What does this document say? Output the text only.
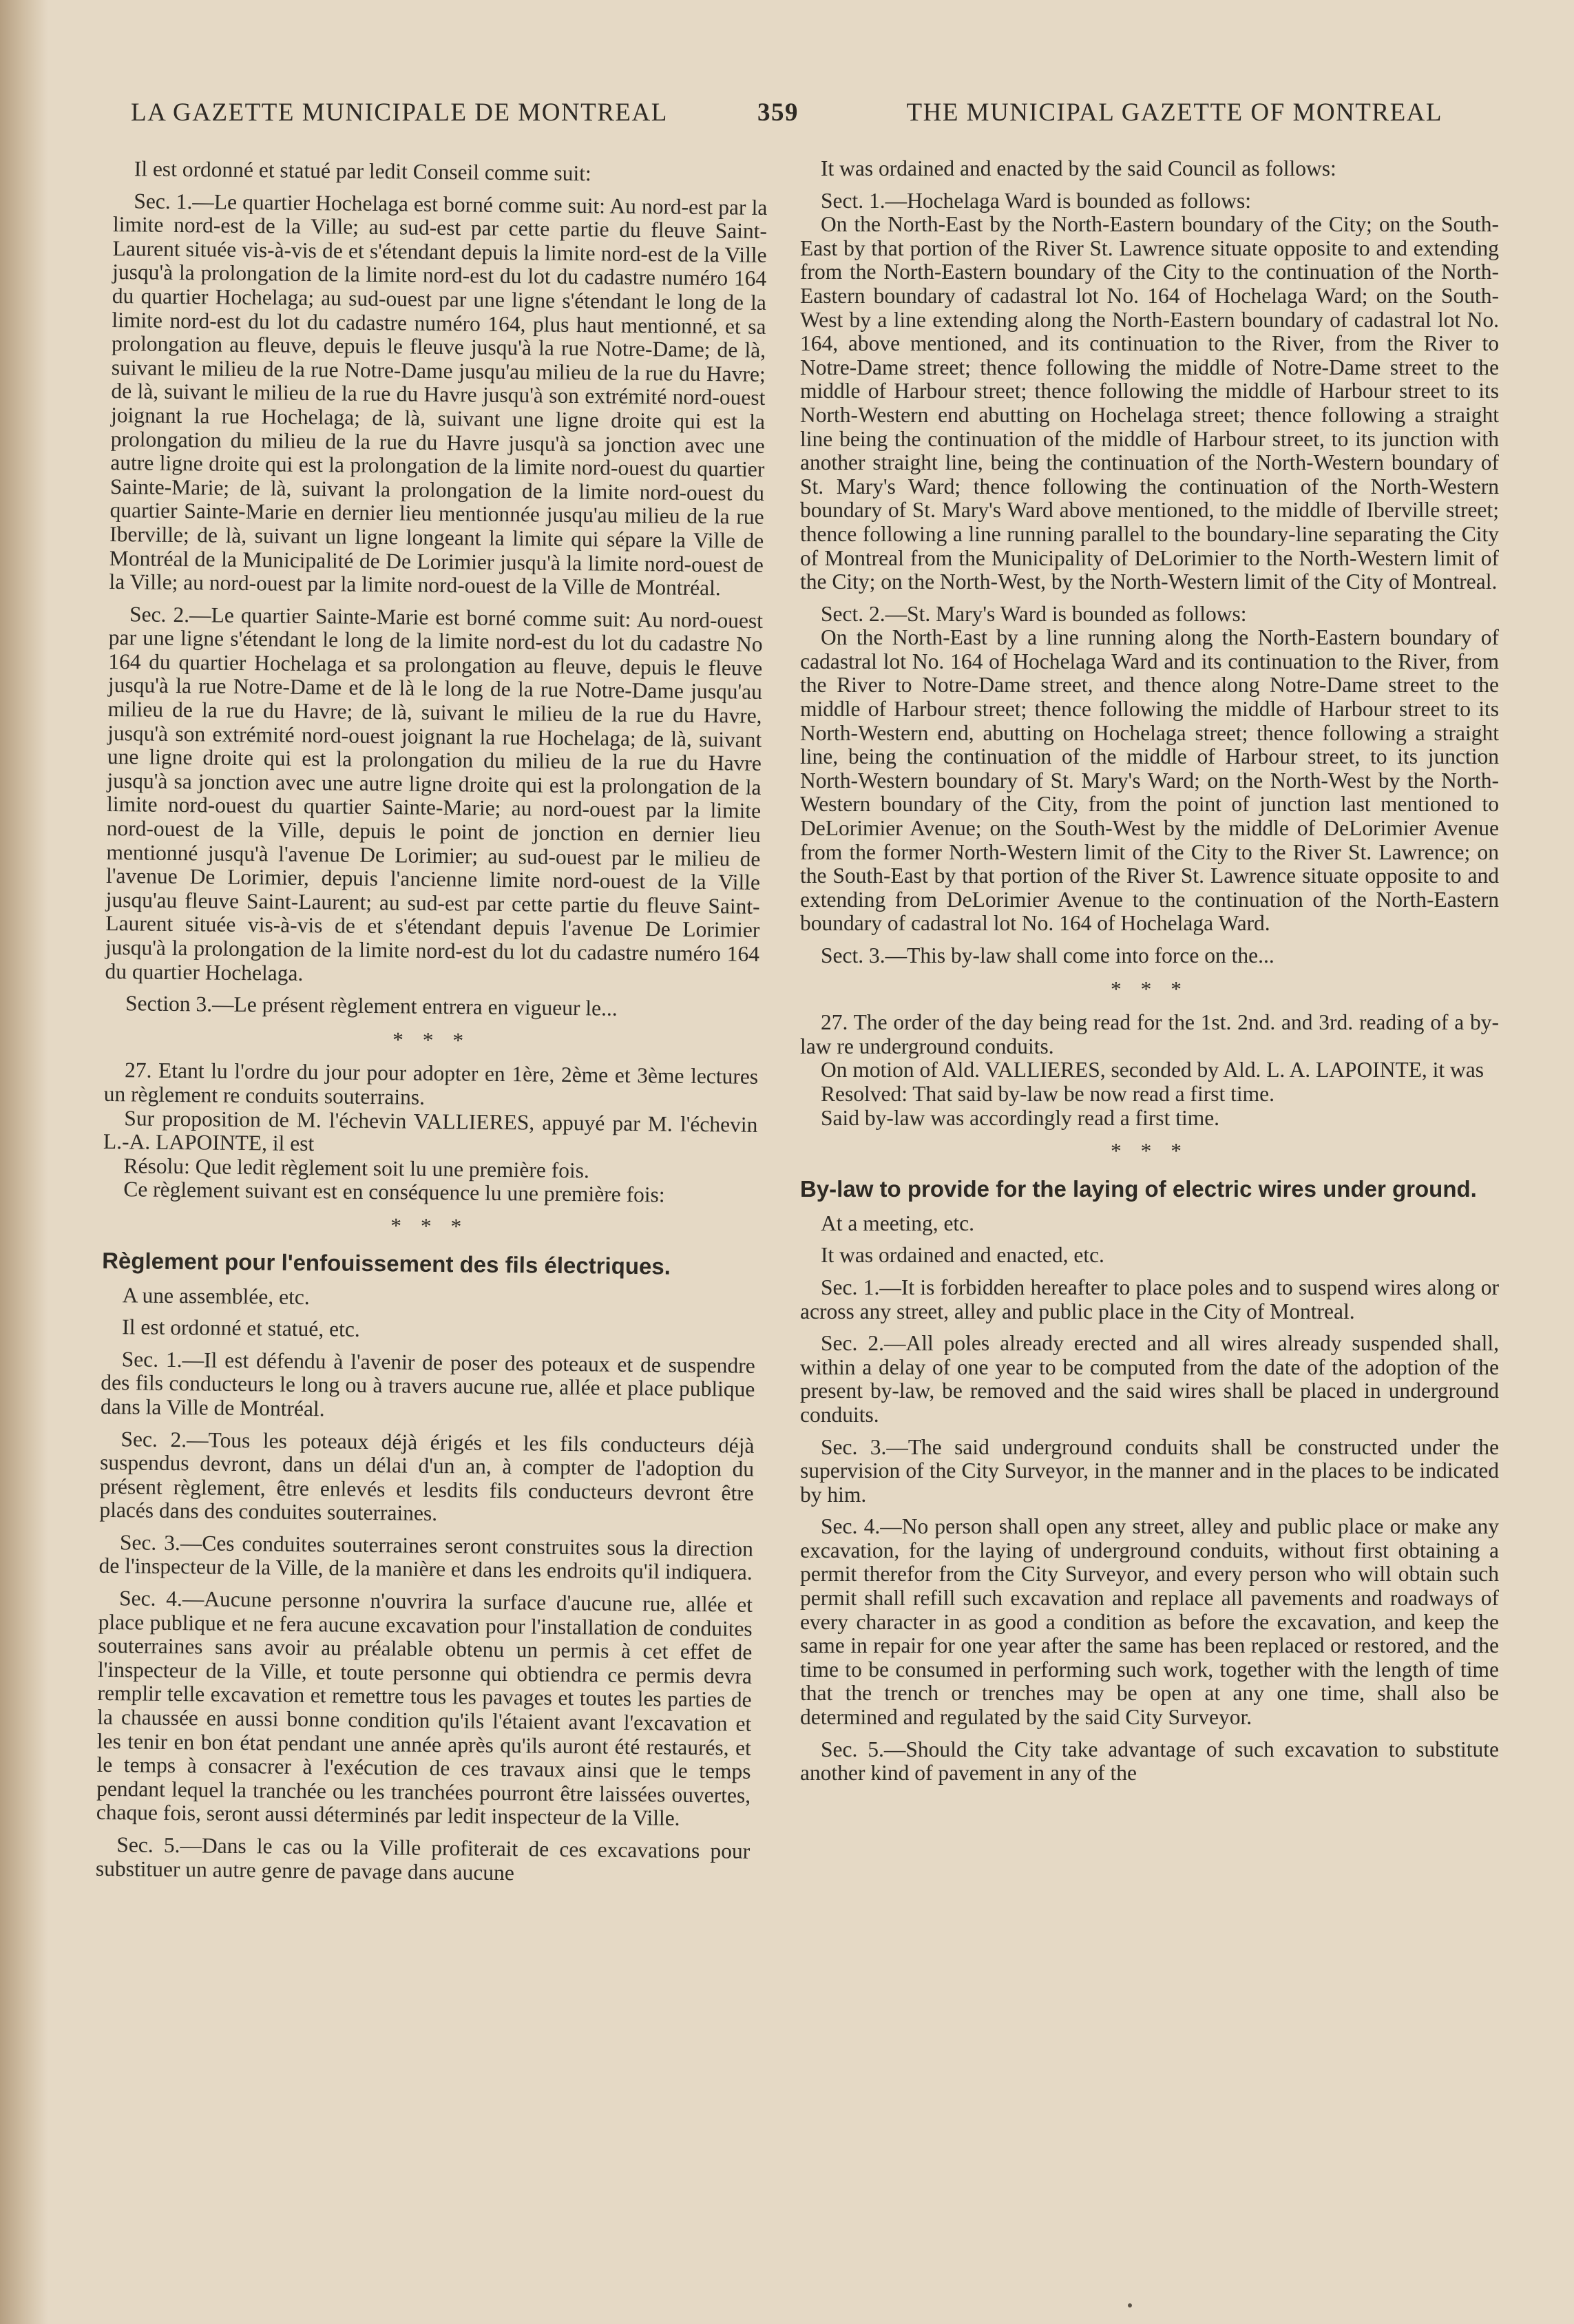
LA GAZETTE MUNICIPALE DE MONTREAL	359	THE MUNICIPAL GAZETTE OF MONTREAL

Il est ordonné et statué par ledit Conseil comme suit:

Sec. 1.—Le quartier Hochelaga est borné comme suit: Au nord-est par la limite nord-est de la Ville; au sud-est par cette partie du fleuve Saint-Laurent située vis-à-vis de et s'étendant depuis la limite nord-est de la Ville jusqu'à la prolongation de la limite nord-est du lot du cadastre numéro 164 du quartier Hochelaga; au sud-ouest par une ligne s'étendant le long de la limite nord-est du lot du cadastre numéro 164, plus haut mentionné, et sa prolongation au fleuve, depuis le fleuve jusqu'à la rue Notre-Dame; de là, suivant le milieu de la rue Notre-Dame jusqu'au milieu de la rue du Havre; de là, suivant le milieu de la rue du Havre jusqu'à son extrémité nord-ouest joignant la rue Hochelaga; de là, suivant une ligne droite qui est la prolongation du milieu de la rue du Havre jusqu'à sa jonction avec une autre ligne droite qui est la prolongation de la limite nord-ouest du quartier Sainte-Marie; de là, suivant la prolongation de la limite nord-ouest du quartier Sainte-Marie en dernier lieu mentionnée jusqu'au milieu de la rue Iberville; de là, suivant un ligne longeant la limite qui sépare la Ville de Montréal de la Municipalité de De Lorimier jusqu'à la limite nord-ouest de la Ville; au nord-ouest par la limite nord-ouest de la Ville de Montréal.

Sec. 2.—Le quartier Sainte-Marie est borné comme suit: Au nord-ouest par une ligne s'étendant le long de la limite nord-est du lot du cadastre No 164 du quartier Hochelaga et sa prolongation au fleuve, depuis le fleuve jusqu'à la rue Notre-Dame et de là le long de la rue Notre-Dame jusqu'au milieu de la rue du Havre; de là, suivant le milieu de la rue du Havre, jusqu'à son extrémité nord-ouest joignant la rue Hochelaga; de là, suivant une ligne droite qui est la prolongation du milieu de la rue du Havre jusqu'à sa jonction avec une autre ligne droite qui est la prolongation de la limite nord-ouest du quartier Sainte-Marie; au nord-ouest par la limite nord-ouest de la Ville, depuis le point de jonction en dernier lieu mentionné jusqu'à l'avenue De Lorimier; au sud-ouest par le milieu de l'avenue De Lorimier, depuis l'ancienne limite nord-ouest de la Ville jusqu'au fleuve Saint-Laurent; au sud-est par cette partie du fleuve Saint-Laurent située vis-à-vis de et s'étendant depuis l'avenue De Lorimier jusqu'à la prolongation de la limite nord-est du lot du cadastre numéro 164 du quartier Hochelaga.

Section 3.—Le présent règlement entrera en vigueur le...

* * *

27. Etant lu l'ordre du jour pour adopter en 1ère, 2ème et 3ème lectures un règlement re conduits souterrains.

Sur proposition de M. l'échevin VALLIERES, appuyé par M. l'échevin L.-A. LAPOINTE, il est

Résolu: Que ledit règlement soit lu une première fois.

Ce règlement suivant est en conséquence lu une première fois:

* * *

Règlement pour l'enfouissement des fils électriques.

A une assemblée, etc.

Il est ordonné et statué, etc.

Sec. 1.—Il est défendu à l'avenir de poser des poteaux et de suspendre des fils conducteurs le long ou à travers aucune rue, allée et place publique dans la Ville de Montréal.

Sec. 2.—Tous les poteaux déjà érigés et les fils conducteurs déjà suspendus devront, dans un délai d'un an, à compter de l'adoption du présent règlement, être enlevés et lesdits fils conducteurs devront être placés dans des conduites souterraines.

Sec. 3.—Ces conduites souterraines seront construites sous la direction de l'inspecteur de la Ville, de la manière et dans les endroits qu'il indiquera.

Sec. 4.—Aucune personne n'ouvrira la surface d'aucune rue, allée et place publique et ne fera aucune excavation pour l'installation de conduites souterraines sans avoir au préalable obtenu un permis à cet effet de l'inspecteur de la Ville, et toute personne qui obtiendra ce permis devra remplir telle excavation et remettre tous les pavages et toutes les parties de la chaussée en aussi bonne condition qu'ils l'étaient avant l'excavation et les tenir en bon état pendant une année après qu'ils auront été restaurés, et le temps à consacrer à l'exécution de ces travaux ainsi que le temps pendant lequel la tranchée ou les tranchées pourront être laissées ouvertes, chaque fois, seront aussi déterminés par ledit inspecteur de la Ville.

Sec. 5.—Dans le cas ou la Ville profiterait de ces excavations pour substituer un autre genre de pavage dans aucune

It was ordained and enacted by the said Council as follows:

Sect. 1.—Hochelaga Ward is bounded as follows:

On the North-East by the North-Eastern boundary of the City; on the South-East by that portion of the River St. Lawrence situate opposite to and extending from the North-Eastern boundary of the City to the continuation of the North-Eastern boundary of cadastral lot No. 164 of Hochelaga Ward; on the South-West by a line extending along the North-Eastern boundary of cadastral lot No. 164, above mentioned, and its continuation to the River, from the River to Notre-Dame street; thence following the middle of Notre-Dame street to the middle of Harbour street; thence following the middle of Harbour street to its North-Western end abutting on Hochelaga street; thence following a straight line being the continuation of the middle of Harbour street, to its junction with another straight line, being the continuation of the North-Western boundary of St. Mary's Ward; thence following the continuation of the North-Western boundary of St. Mary's Ward above mentioned, to the middle of Iberville street; thence following a line running parallel to the boundary-line separating the City of Montreal from the Municipality of DeLorimier to the North-Western limit of the City; on the North-West, by the North-Western limit of the City of Montreal.

Sect. 2.—St. Mary's Ward is bounded as follows:

On the North-East by a line running along the North-Eastern boundary of cadastral lot No. 164 of Hochelaga Ward and its continuation to the River, from the River to Notre-Dame street, and thence along Notre-Dame street to the middle of Harbour street; thence following the middle of Harbour street to its North-Western end, abutting on Hochelaga street; thence following a straight line, being the continuation of the middle of Harbour street, to its junction North-Western boundary of St. Mary's Ward; on the North-West by the North-Western boundary of the City, from the point of junction last mentioned to DeLorimier Avenue; on the South-West by the middle of DeLorimier Avenue from the former North-Western limit of the City to the River St. Lawrence; on the South-East by that portion of the River St. Lawrence situate opposite to and extending from DeLorimier Avenue to the continuation of the North-Eastern boundary of cadastral lot No. 164 of Hochelaga Ward.

Sect. 3.—This by-law shall come into force on the...

* * *

27. The order of the day being read for the 1st. 2nd. and 3rd. reading of a by-law re underground conduits.

On motion of Ald. VALLIERES, seconded by Ald. L. A. LAPOINTE, it was

Resolved: That said by-law be now read a first time.

Said by-law was accordingly read a first time.

* * *

By-law to provide for the laying of electric wires under ground.

At a meeting, etc.

It was ordained and enacted, etc.

Sec. 1.—It is forbidden hereafter to place poles and to suspend wires along or across any street, alley and public place in the City of Montreal.

Sec. 2.—All poles already erected and all wires already suspended shall, within a delay of one year to be computed from the date of the adoption of the present by-law, be removed and the said wires shall be placed in underground conduits.

Sec. 3.—The said underground conduits shall be constructed under the supervision of the City Surveyor, in the manner and in the places to be indicated by him.

Sec. 4.—No person shall open any street, alley and public place or make any excavation, for the laying of underground conduits, without first obtaining a permit therefor from the City Surveyor, and every person who will obtain such permit shall refill such excavation and replace all pavements and roadways of every character in as good a condition as before the excavation, and keep the same in repair for one year after the same has been replaced or restored, and the time to be consumed in performing such work, together with the length of time that the trench or trenches may be open at any one time, shall also be determined and regulated by the said City Surveyor.

Sec. 5.—Should the City take advantage of such excavation to substitute another kind of pavement in any of the
